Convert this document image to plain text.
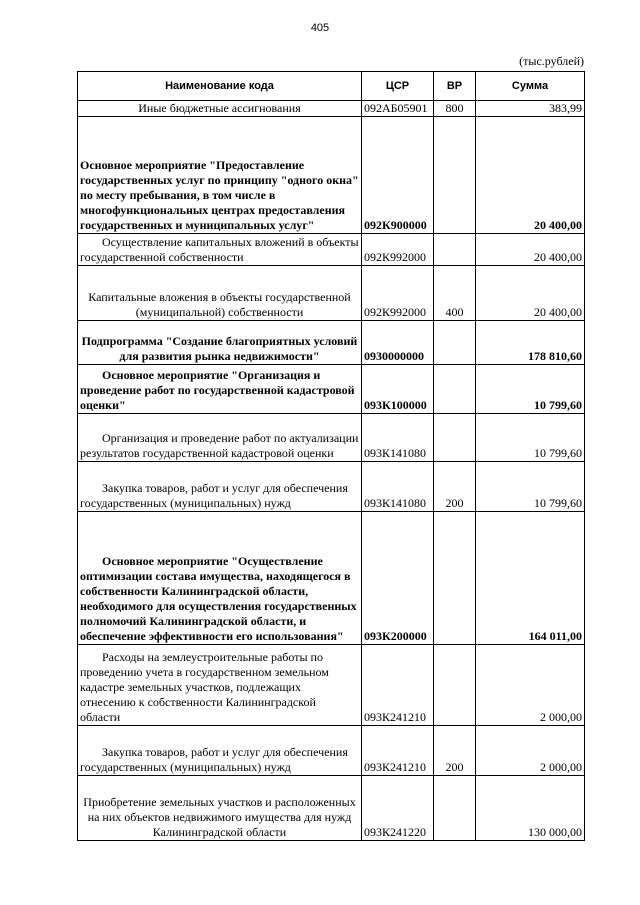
405
(тыс.рублей)
Наименование кода	ЦСР	ВР	Сумма
Иные бюджетные ассигнования	092АБ05901	800	383,99
Основное мероприятие "Предоставление государственных услуг по принципу "одного окна" по месту пребывания, в том числе в многофункциональных центрах предоставления государственных и муниципальных услуг"	092К900000		20 400,00
Осуществление капитальных вложений в объекты государственной собственности	092К992000		20 400,00
Капитальные вложения в объекты государственной (муниципальной) собственности	092К992000	400	20 400,00
Подпрограмма "Создание благоприятных условий для развития рынка недвижимости"	0930000000		178 810,60
Основное мероприятие "Организация и проведение работ по государственной кадастровой оценки"	093К100000		10 799,60
Организация и проведение работ по актуализации результатов государственной кадастровой оценки	093К141080		10 799,60
Закупка товаров, работ и услуг для обеспечения государственных (муниципальных) нужд	093К141080	200	10 799,60
Основное мероприятие "Осуществление оптимизации состава имущества, находящегося в собственности Калининградской области, необходимого для осуществления государственных полномочий Калининградской области, и обеспечение эффективности его использования"	093К200000		164 011,00
Расходы на землеустроительные работы по проведению учета в государственном земельном кадастре земельных участков, подлежащих отнесению к собственности Калининградской области	093К241210		2 000,00
Закупка товаров, работ и услуг для обеспечения государственных (муниципальных) нужд	093К241210	200	2 000,00
Приобретение земельных участков и расположенных на них объектов недвижимого имущества для нужд Калининградской области	093К241220		130 000,00
